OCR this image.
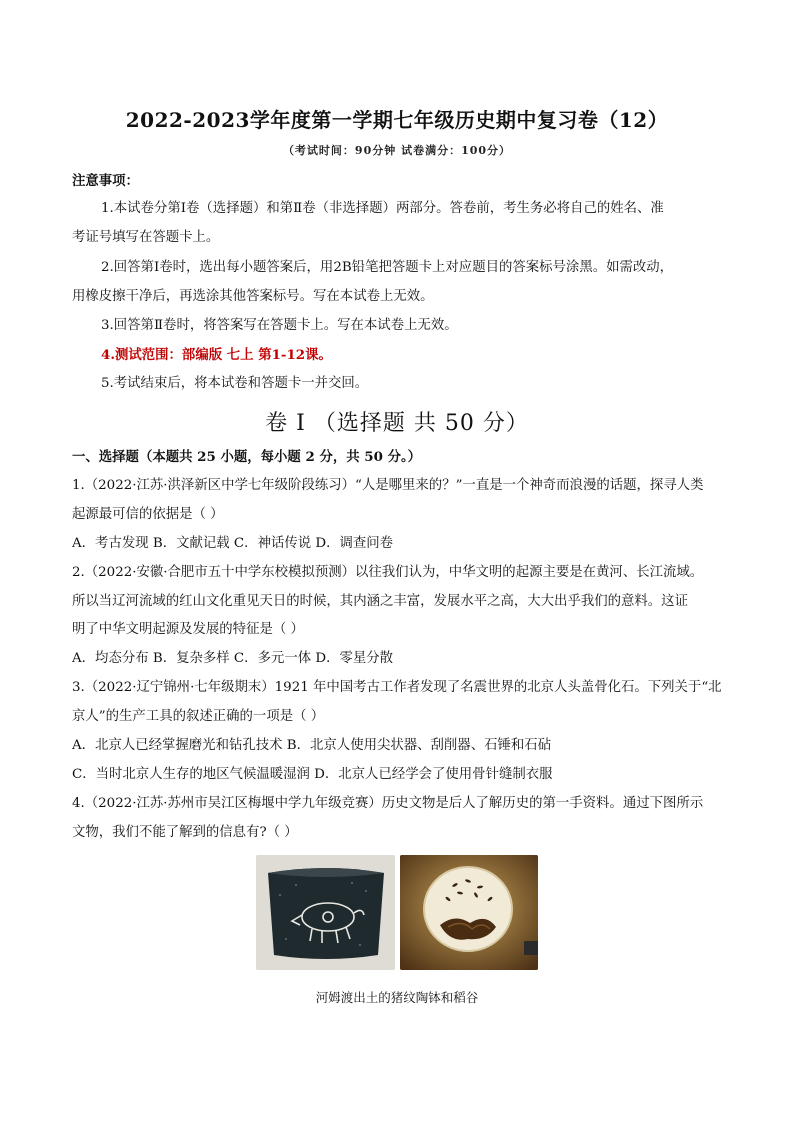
2022-2023学年度第一学期七年级历史期中复习卷（12）
（考试时间：90分钟 试卷满分：100分）
注意事项：
1.本试卷分第Ⅰ卷（选择题）和第Ⅱ卷（非选择题）两部分。答卷前，考生务必将自己的姓名、准
考证号填写在答题卡上。
2.回答第Ⅰ卷时，选出每小题答案后，用2B铅笔把答题卡上对应题目的答案标号涂黑。如需改动，
用橡皮擦干净后，再选涂其他答案标号。写在本试卷上无效。
3.回答第Ⅱ卷时，将答案写在答题卡上。写在本试卷上无效。
4.测试范围：部编版 七上 第1-12课。
5.考试结束后，将本试卷和答题卡一并交回。
卷 I （选择题 共 50 分）
一、选择题（本题共 25 小题，每小题 2 分，共 50 分。）
1.（2022·江苏·洪泽新区中学七年级阶段练习）“人是哪里来的？”一直是一个神奇而浪漫的话题，探寻人类
起源最可信的依据是（ ）
A．考古发现 B．文献记载 C．神话传说 D．调查问卷
2.（2022·安徽·合肥市五十中学东校模拟预测）以往我们认为，中华文明的起源主要是在黄河、长江流域。
所以当辽河流域的红山文化重见天日的时候，其内涵之丰富，发展水平之高，大大出乎我们的意料。这证
明了中华文明起源及发展的特征是（ ）
A．均态分布 B．复杂多样 C．多元一体 D．零星分散
3.（2022·辽宁锦州·七年级期末）1921 年中国考古工作者发现了名震世界的北京人头盖骨化石。下列关于“北
京人”的生产工具的叙述正确的一项是（ ）
A．北京人已经掌握磨光和钻孔技术 B．北京人使用尖状器、刮削器、石锤和石砧
C．当时北京人生存的地区气候温暖湿润 D．北京人已经学会了使用骨针缝制衣服
4.（2022·江苏·苏州市吴江区梅堰中学九年级竞赛）历史文物是后人了解历史的第一手资料。通过下图所示
文物，我们不能了解到的信息有?（ ）
河姆渡出土的猪纹陶钵和稻谷
